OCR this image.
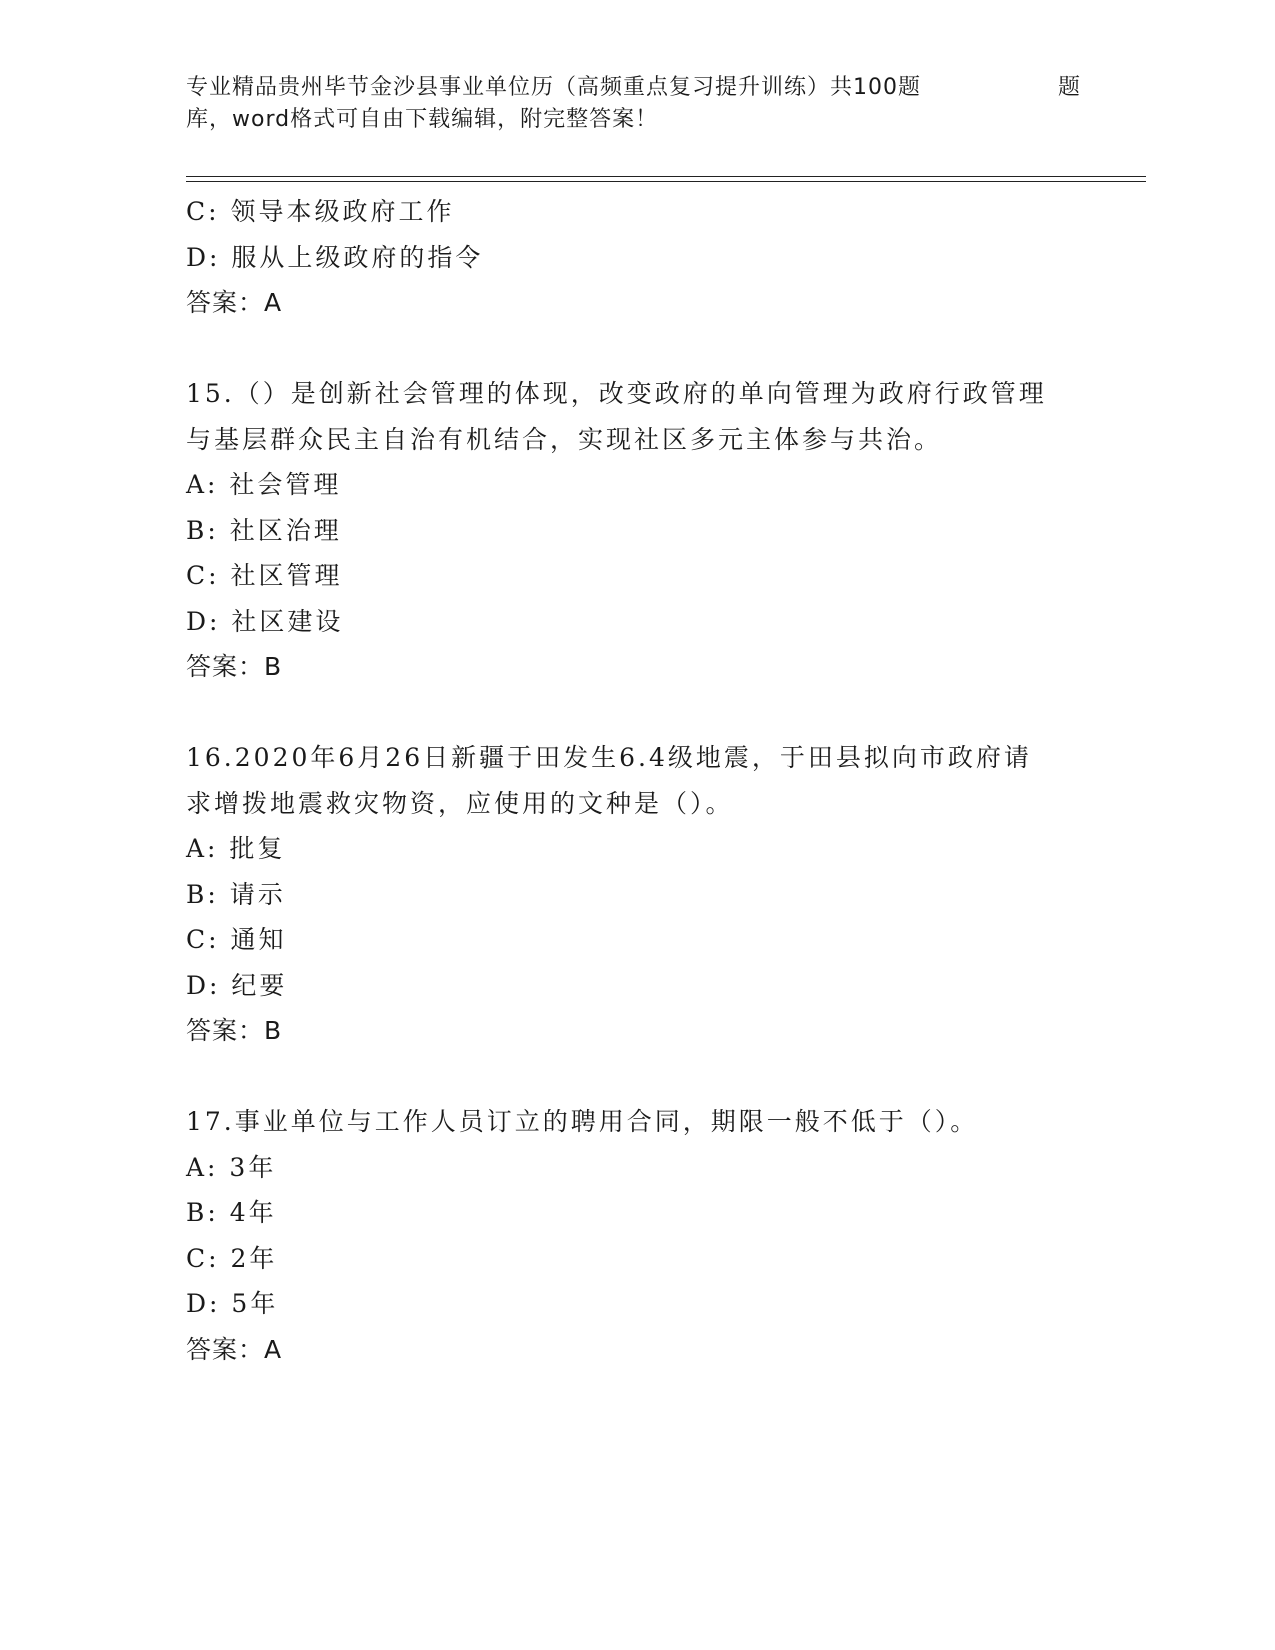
专业精品贵州毕节金沙县事业单位历（高频重点复习提升训练）共100题	题
库，word格式可自由下载编辑，附完整答案！
C: 领导本级政府工作
D: 服从上级政府的指令
答案：A
15.（）是创新社会管理的体现，改变政府的单向管理为政府行政管理
与基层群众民主自治有机结合，实现社区多元主体参与共治。
A: 社会管理
B: 社区治理
C: 社区管理
D: 社区建设
答案：B
16.2020年6月26日新疆于田发生6.4级地震，于田县拟向市政府请
求增拨地震救灾物资，应使用的文种是（）。
A: 批复
B: 请示
C: 通知
D: 纪要
答案：B
17.事业单位与工作人员订立的聘用合同，期限一般不低于（）。
A: 3年
B: 4年
C: 2年
D: 5年
答案：A
